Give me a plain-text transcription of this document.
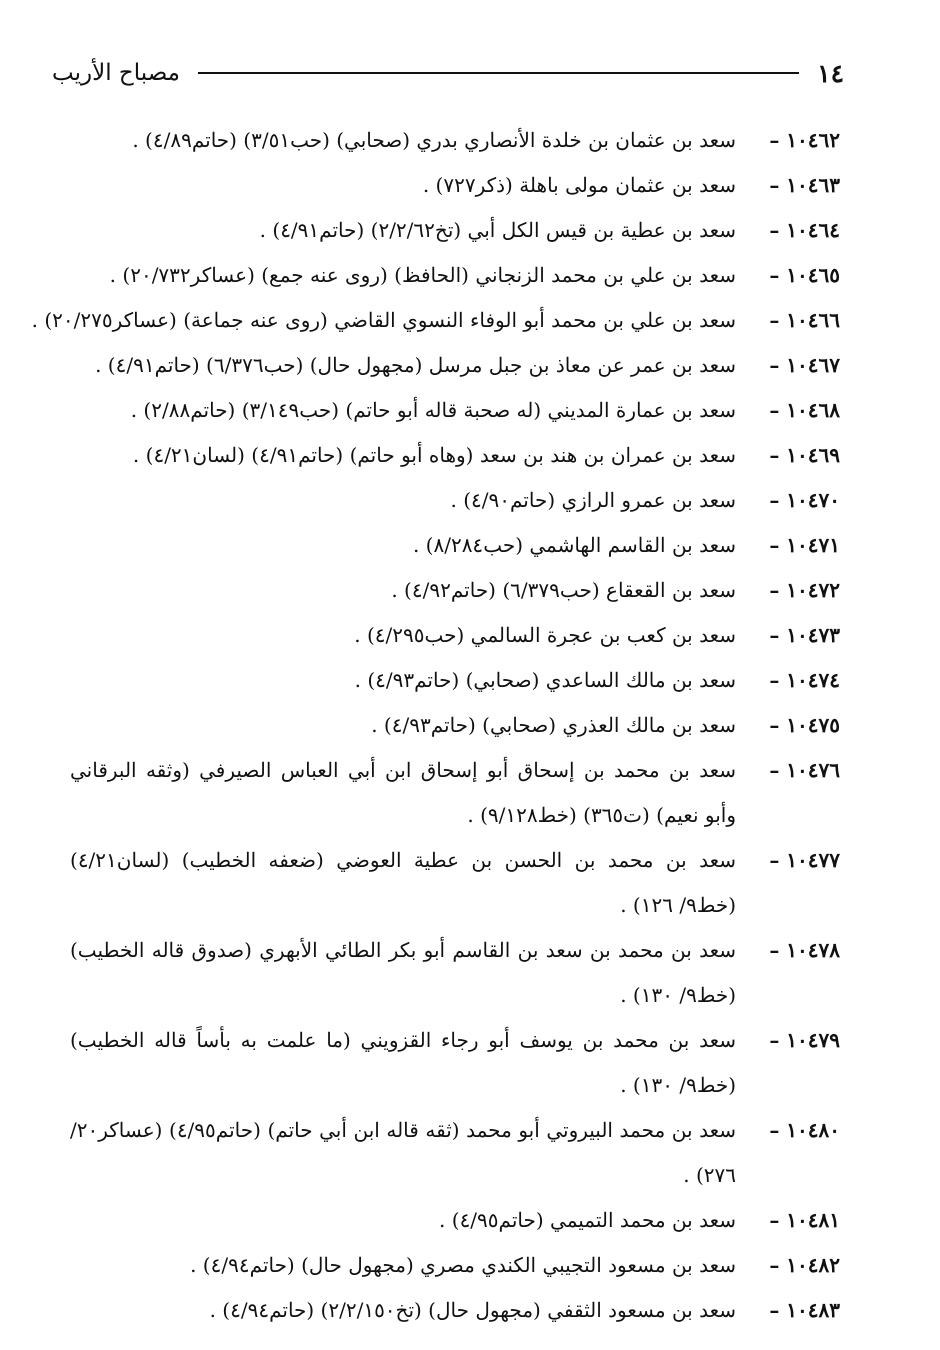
١٤
مصباح الأريب
١٠٤٦٢ –
سعد بن عثمان بن خلدة الأنصاري بدري (صحابي) (حب٣/٥١) (حاتم٤/٨٩) .
١٠٤٦٣ –
سعد بن عثمان مولى باهلة (ذكر٧٢٧) .
١٠٤٦٤ –
سعد بن عطية بن قيس الكل أبي (تخ٢/٢/٦٢) (حاتم٤/٩١) .
١٠٤٦٥ –
سعد بن علي بن محمد الزنجاني (الحافظ) (روى عنه جمع) (عساكر٢٠/٧٣٢) .
١٠٤٦٦ –
سعد بن علي بن محمد أبو الوفاء النسوي القاضي (روى عنه جماعة) (عساكر٢٠/٢٧٥) .
١٠٤٦٧ –
سعد بن عمر عن معاذ بن جبل مرسل (مجهول حال) (حب٦/٣٧٦) (حاتم٤/٩١) .
١٠٤٦٨ –
سعد بن عمارة المديني (له صحبة قاله أبو حاتم) (حب٣/١٤٩) (حاتم٢/٨٨) .
١٠٤٦٩ –
سعد بن عمران بن هند بن سعد (وهاه أبو حاتم) (حاتم٤/٩١) (لسان٤/٢١) .
١٠٤٧٠ –
سعد بن عمرو الرازي (حاتم٤/٩٠) .
١٠٤٧١ –
سعد بن القاسم الهاشمي (حب٨/٢٨٤) .
١٠٤٧٢ –
سعد بن القعقاع (حب٦/٣٧٩) (حاتم٤/٩٢) .
١٠٤٧٣ –
سعد بن كعب بن عجرة السالمي (حب٤/٢٩٥) .
١٠٤٧٤ –
سعد بن مالك الساعدي (صحابي) (حاتم٤/٩٣) .
١٠٤٧٥ –
سعد بن مالك العذري (صحابي) (حاتم٤/٩٣) .
١٠٤٧٦ –
سعد بن محمد بن إسحاق أبو إسحاق ابن أبي العباس الصيرفي (وثقه البرقاني وأبو نعيم) (ت٣٦٥) (خط٩/١٢٨) .
١٠٤٧٧ –
سعد بن محمد بن الحسن بن عطية العوضي (ضعفه الخطيب) (لسان٤/٢١) (خط٩/ ١٢٦) .
١٠٤٧٨ –
سعد بن محمد بن سعد بن القاسم أبو بكر الطائي الأبهري (صدوق قاله الخطيب) (خط٩/ ١٣٠) .
١٠٤٧٩ –
سعد بن محمد بن يوسف أبو رجاء القزويني (ما علمت به بأساً قاله الخطيب) (خط٩/ ١٣٠) .
١٠٤٨٠ –
سعد بن محمد البيروتي أبو محمد (ثقه قاله ابن أبي حاتم) (حاتم٤/٩٥) (عساكر٢٠/ ٢٧٦) .
١٠٤٨١ –
سعد بن محمد التميمي (حاتم٤/٩٥) .
١٠٤٨٢ –
سعد بن مسعود التجيبي الكندي مصري (مجهول حال) (حاتم٤/٩٤) .
١٠٤٨٣ –
سعد بن مسعود الثقفي (مجهول حال) (تخ٢/٢/١٥٠) (حاتم٤/٩٤) .
